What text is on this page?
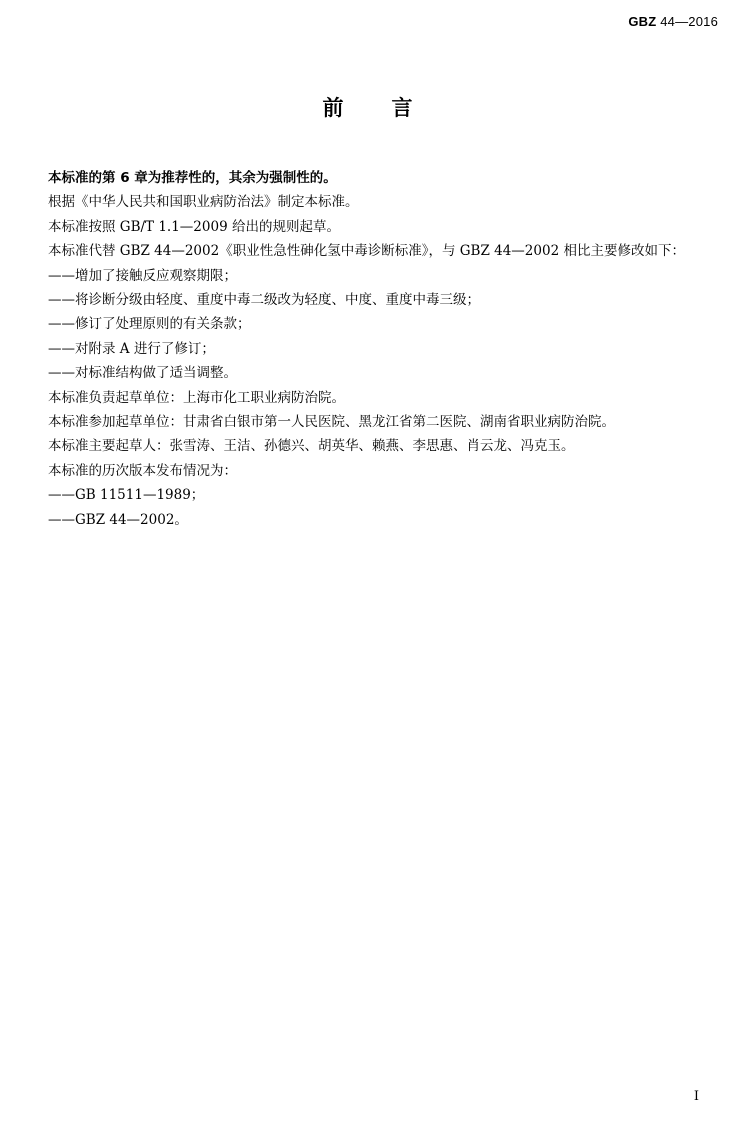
GBZ 44—2016
前言

本标准的第 6 章为推荐性的，其余为强制性的。

根据《中华人民共和国职业病防治法》制定本标准。

本标准按照 GB/T 1.1—2009 给出的规则起草。

本标准代替 GBZ 44—2002《职业性急性砷化氢中毒诊断标准》，与 GBZ 44—2002 相比主要修改如下：

——增加了接触反应观察期限；

——将诊断分级由轻度、重度中毒二级改为轻度、中度、重度中毒三级；

——修订了处理原则的有关条款；

——对附录 A 进行了修订；

——对标准结构做了适当调整。

本标准负责起草单位：上海市化工职业病防治院。

本标准参加起草单位：甘肃省白银市第一人民医院、黑龙江省第二医院、湖南省职业病防治院。

本标准主要起草人：张雪涛、王洁、孙德兴、胡英华、赖燕、李思惠、肖云龙、冯克玉。

本标准的历次版本发布情况为：

——GB 11511—1989；

——GBZ 44—2002。

I
